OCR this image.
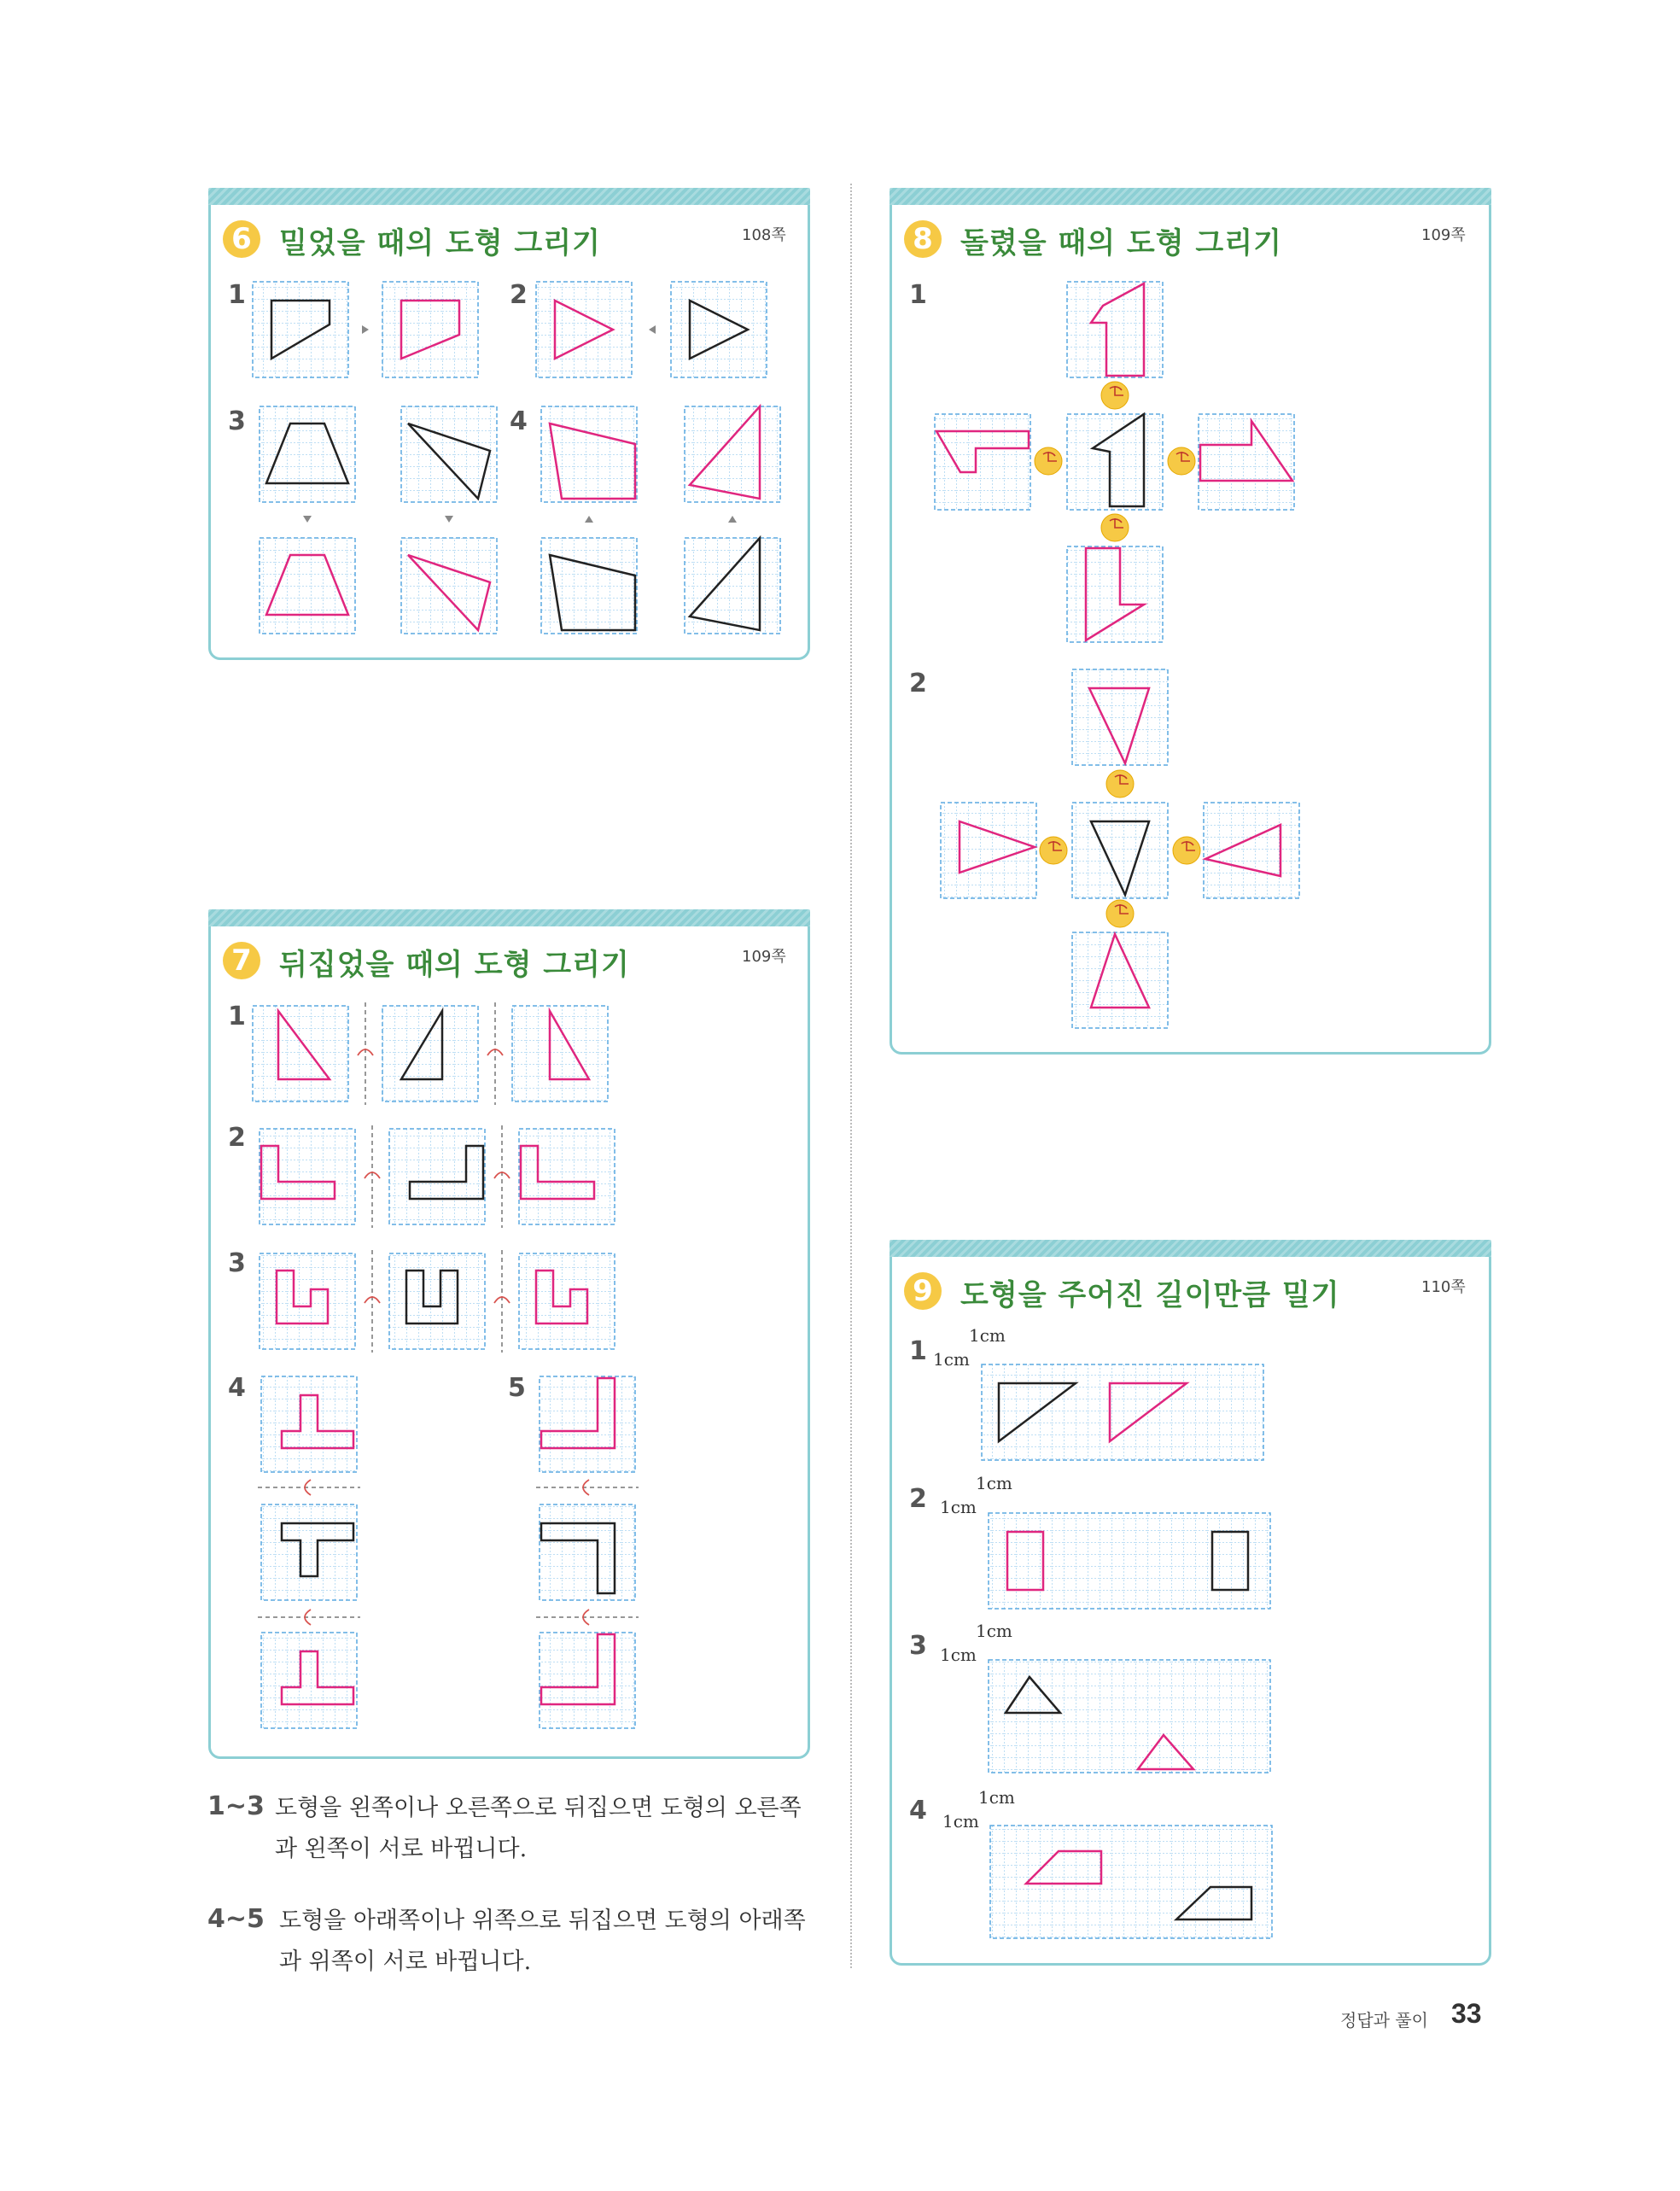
6 밀었을 때의 도형 그리기	108쪽
1	2
3	4
7 뒤집었을 때의 도형 그리기	109쪽
1
2
3
4	5
8 돌렸을 때의 도형 그리기	109쪽
1
2
9 도형을 주어진 길이만큼 밀기	110쪽
1
2
3
4
1cm
1cm
1cm
1cm
1cm
1cm
1cm
1cm
1~3 도형을 왼쪽이나 오른쪽으로 뒤집으면 도형의 오른쪽
과 왼쪽이 서로 바뀝니다.
4~5 도형을 아래쪽이나 위쪽으로 뒤집으면 도형의 아래쪽
과 위쪽이 서로 바뀝니다.
정답과 풀이 33
